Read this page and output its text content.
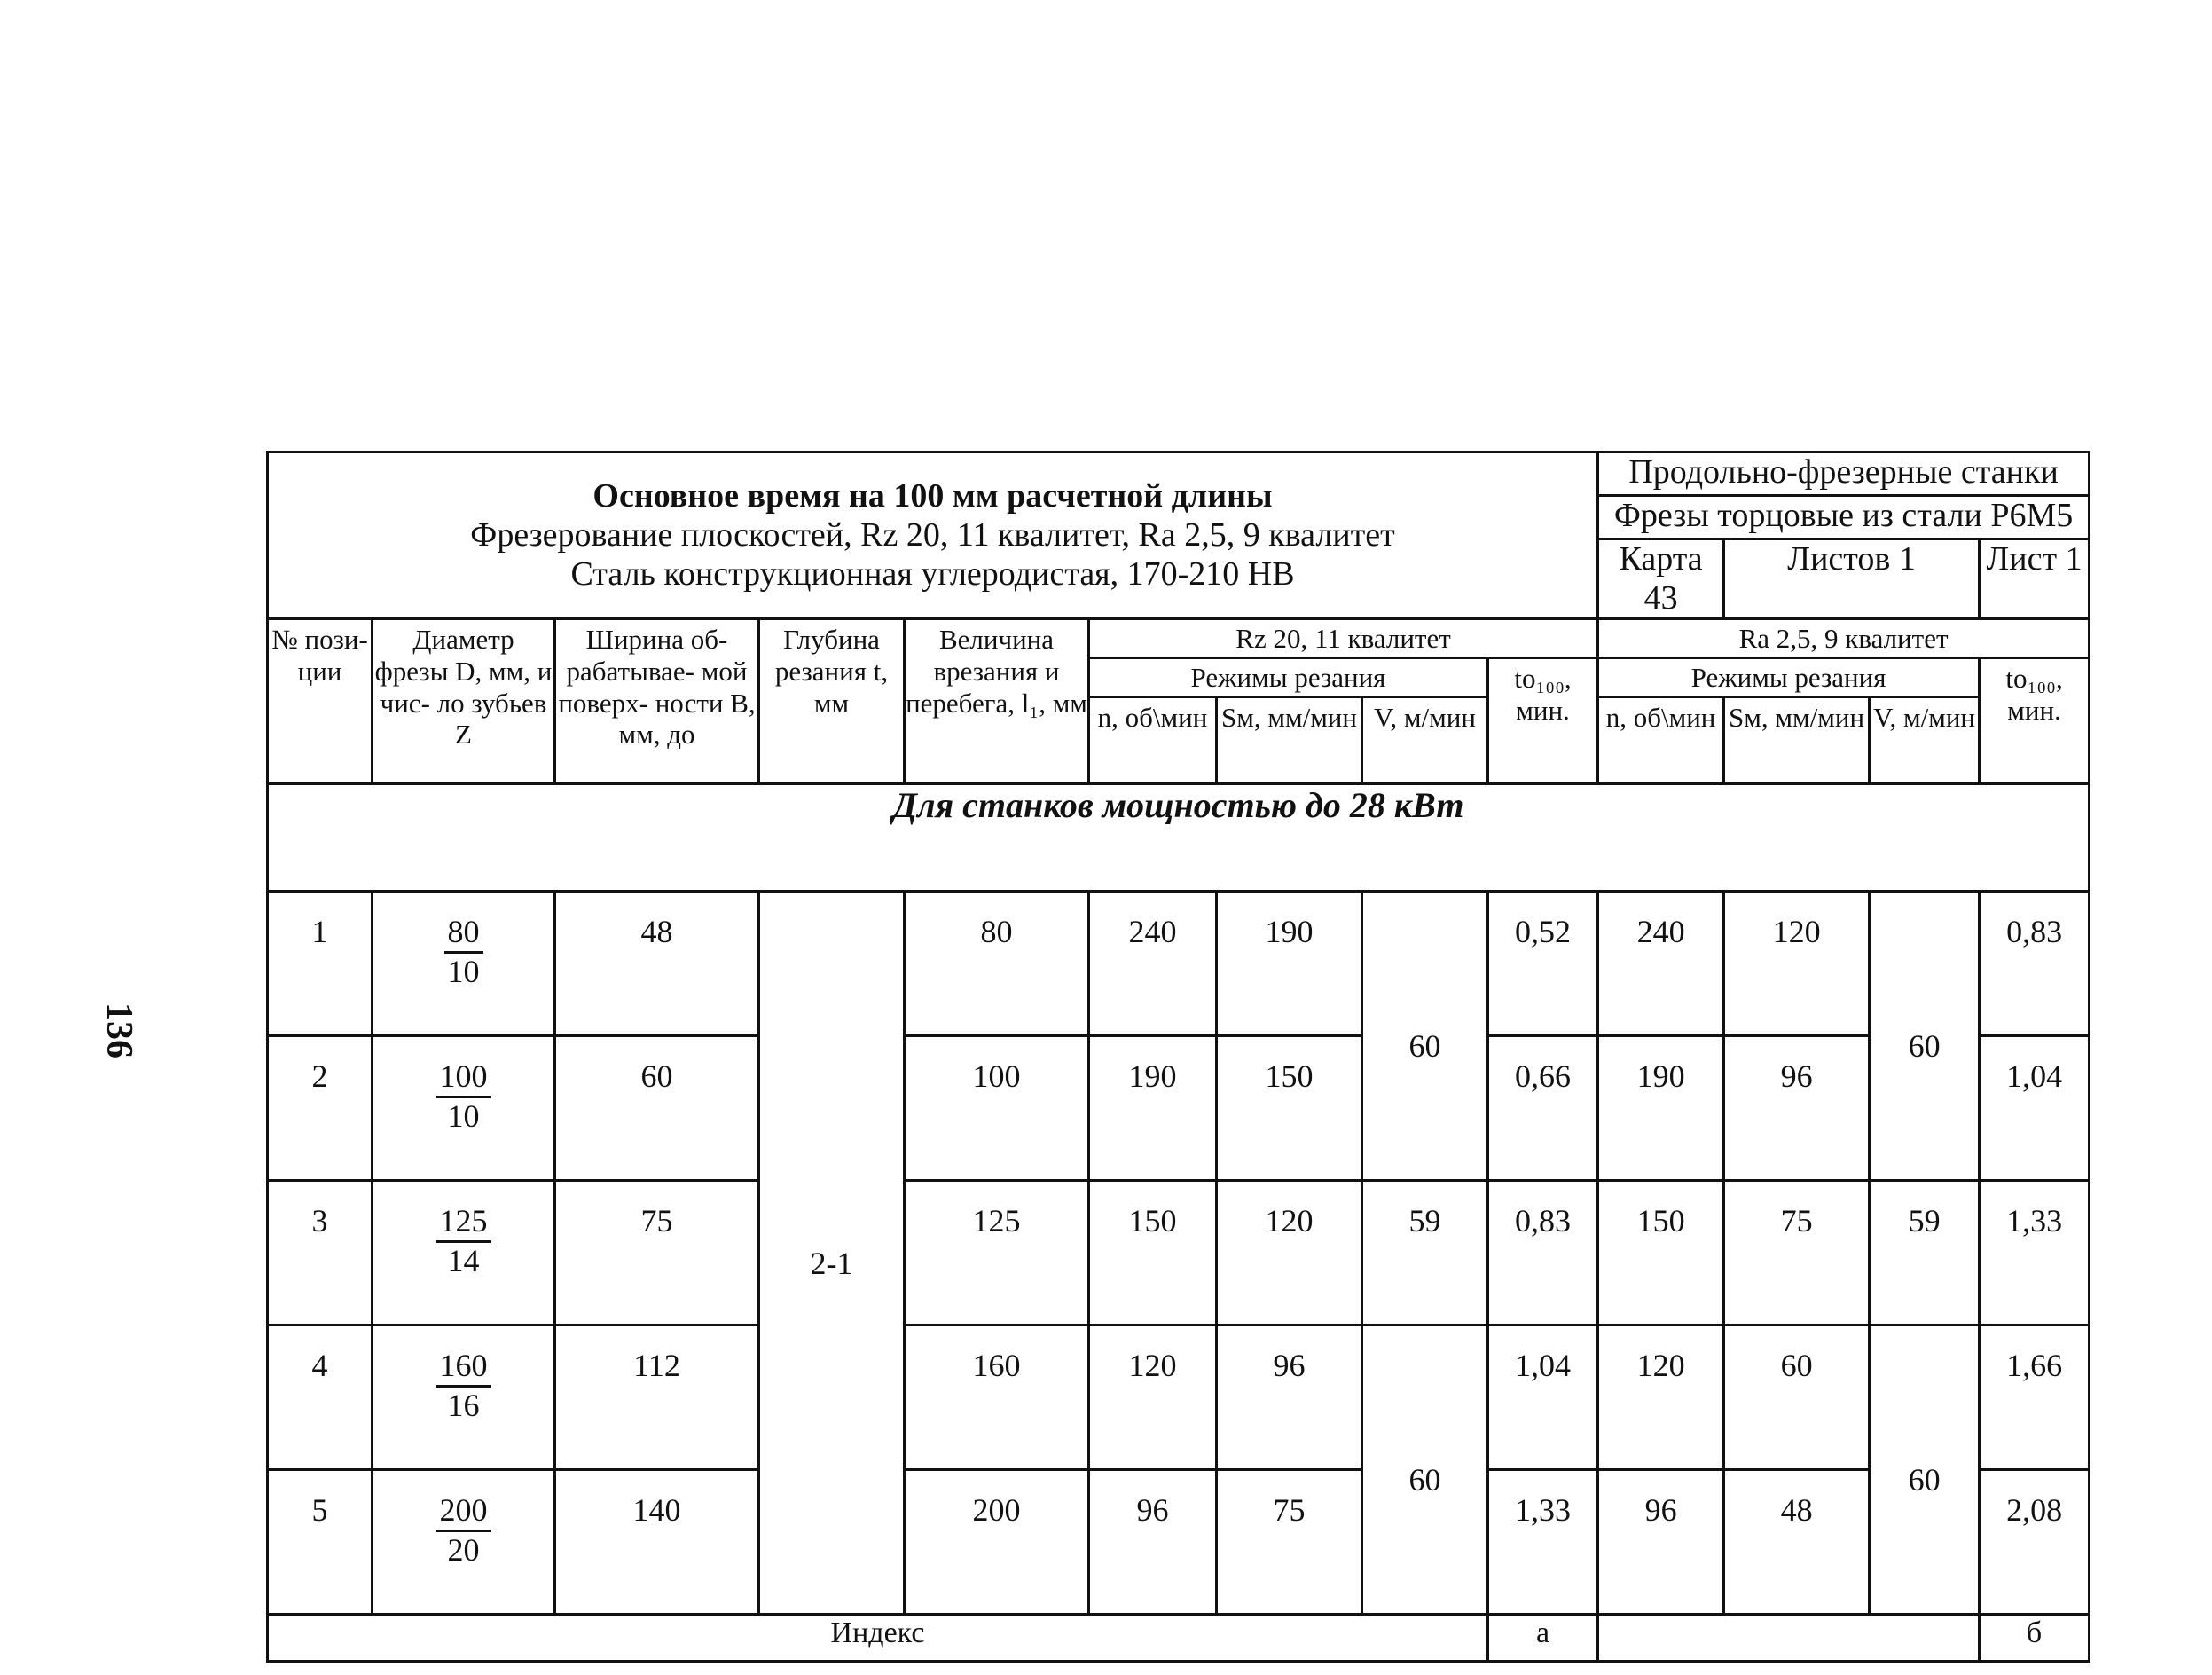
136
Основное время на 100 мм расчетной длины
Фрезерование плоскостей, Rz 20, 11 квалитет, Ra 2,5, 9 квалитет
Сталь конструкционная углеродистая, 170-210 НВ									Продольно-фрезерные станки			
									Фрезы торцовые из стали Р6М5			
									Карта 43	Листов 1		Лист 1
№ пози- ции	Диаметр фрезы D, мм, и чис- ло зубьев Z	Ширина об- рабатывае- мой поверх- ности В, мм, до	Глубина резания t, мм	Величина врезания и перебега, l₁, мм	Rz 20, 11 квалитет				Ra 2,5, 9 квалитет			
					Режимы резания			to₁₀₀, мин.	Режимы резания			to₁₀₀, мин.
					n, об\мин	Sм, мм/мин	V, м/мин		n, об\мин	Sм, мм/мин	V, м/мин	
Для станков мощностью до 28 кВт												
1	$\frac{80}{10}$	48	2-1	80	240	190	60	0,52	240	120	60	0,83
2	$\frac{100}{10}$	60		100	190	150		0,66	190	96		1,04
3	$\frac{125}{14}$	75		125	150	120	59	0,83	150	75	59	1,33
4	$\frac{160}{16}$	112		160	120	96	60	1,04	120	60	60	1,66
5	$\frac{200}{20}$	140		200	96	75		1,33	96	48		2,08
Индекс								а				б
